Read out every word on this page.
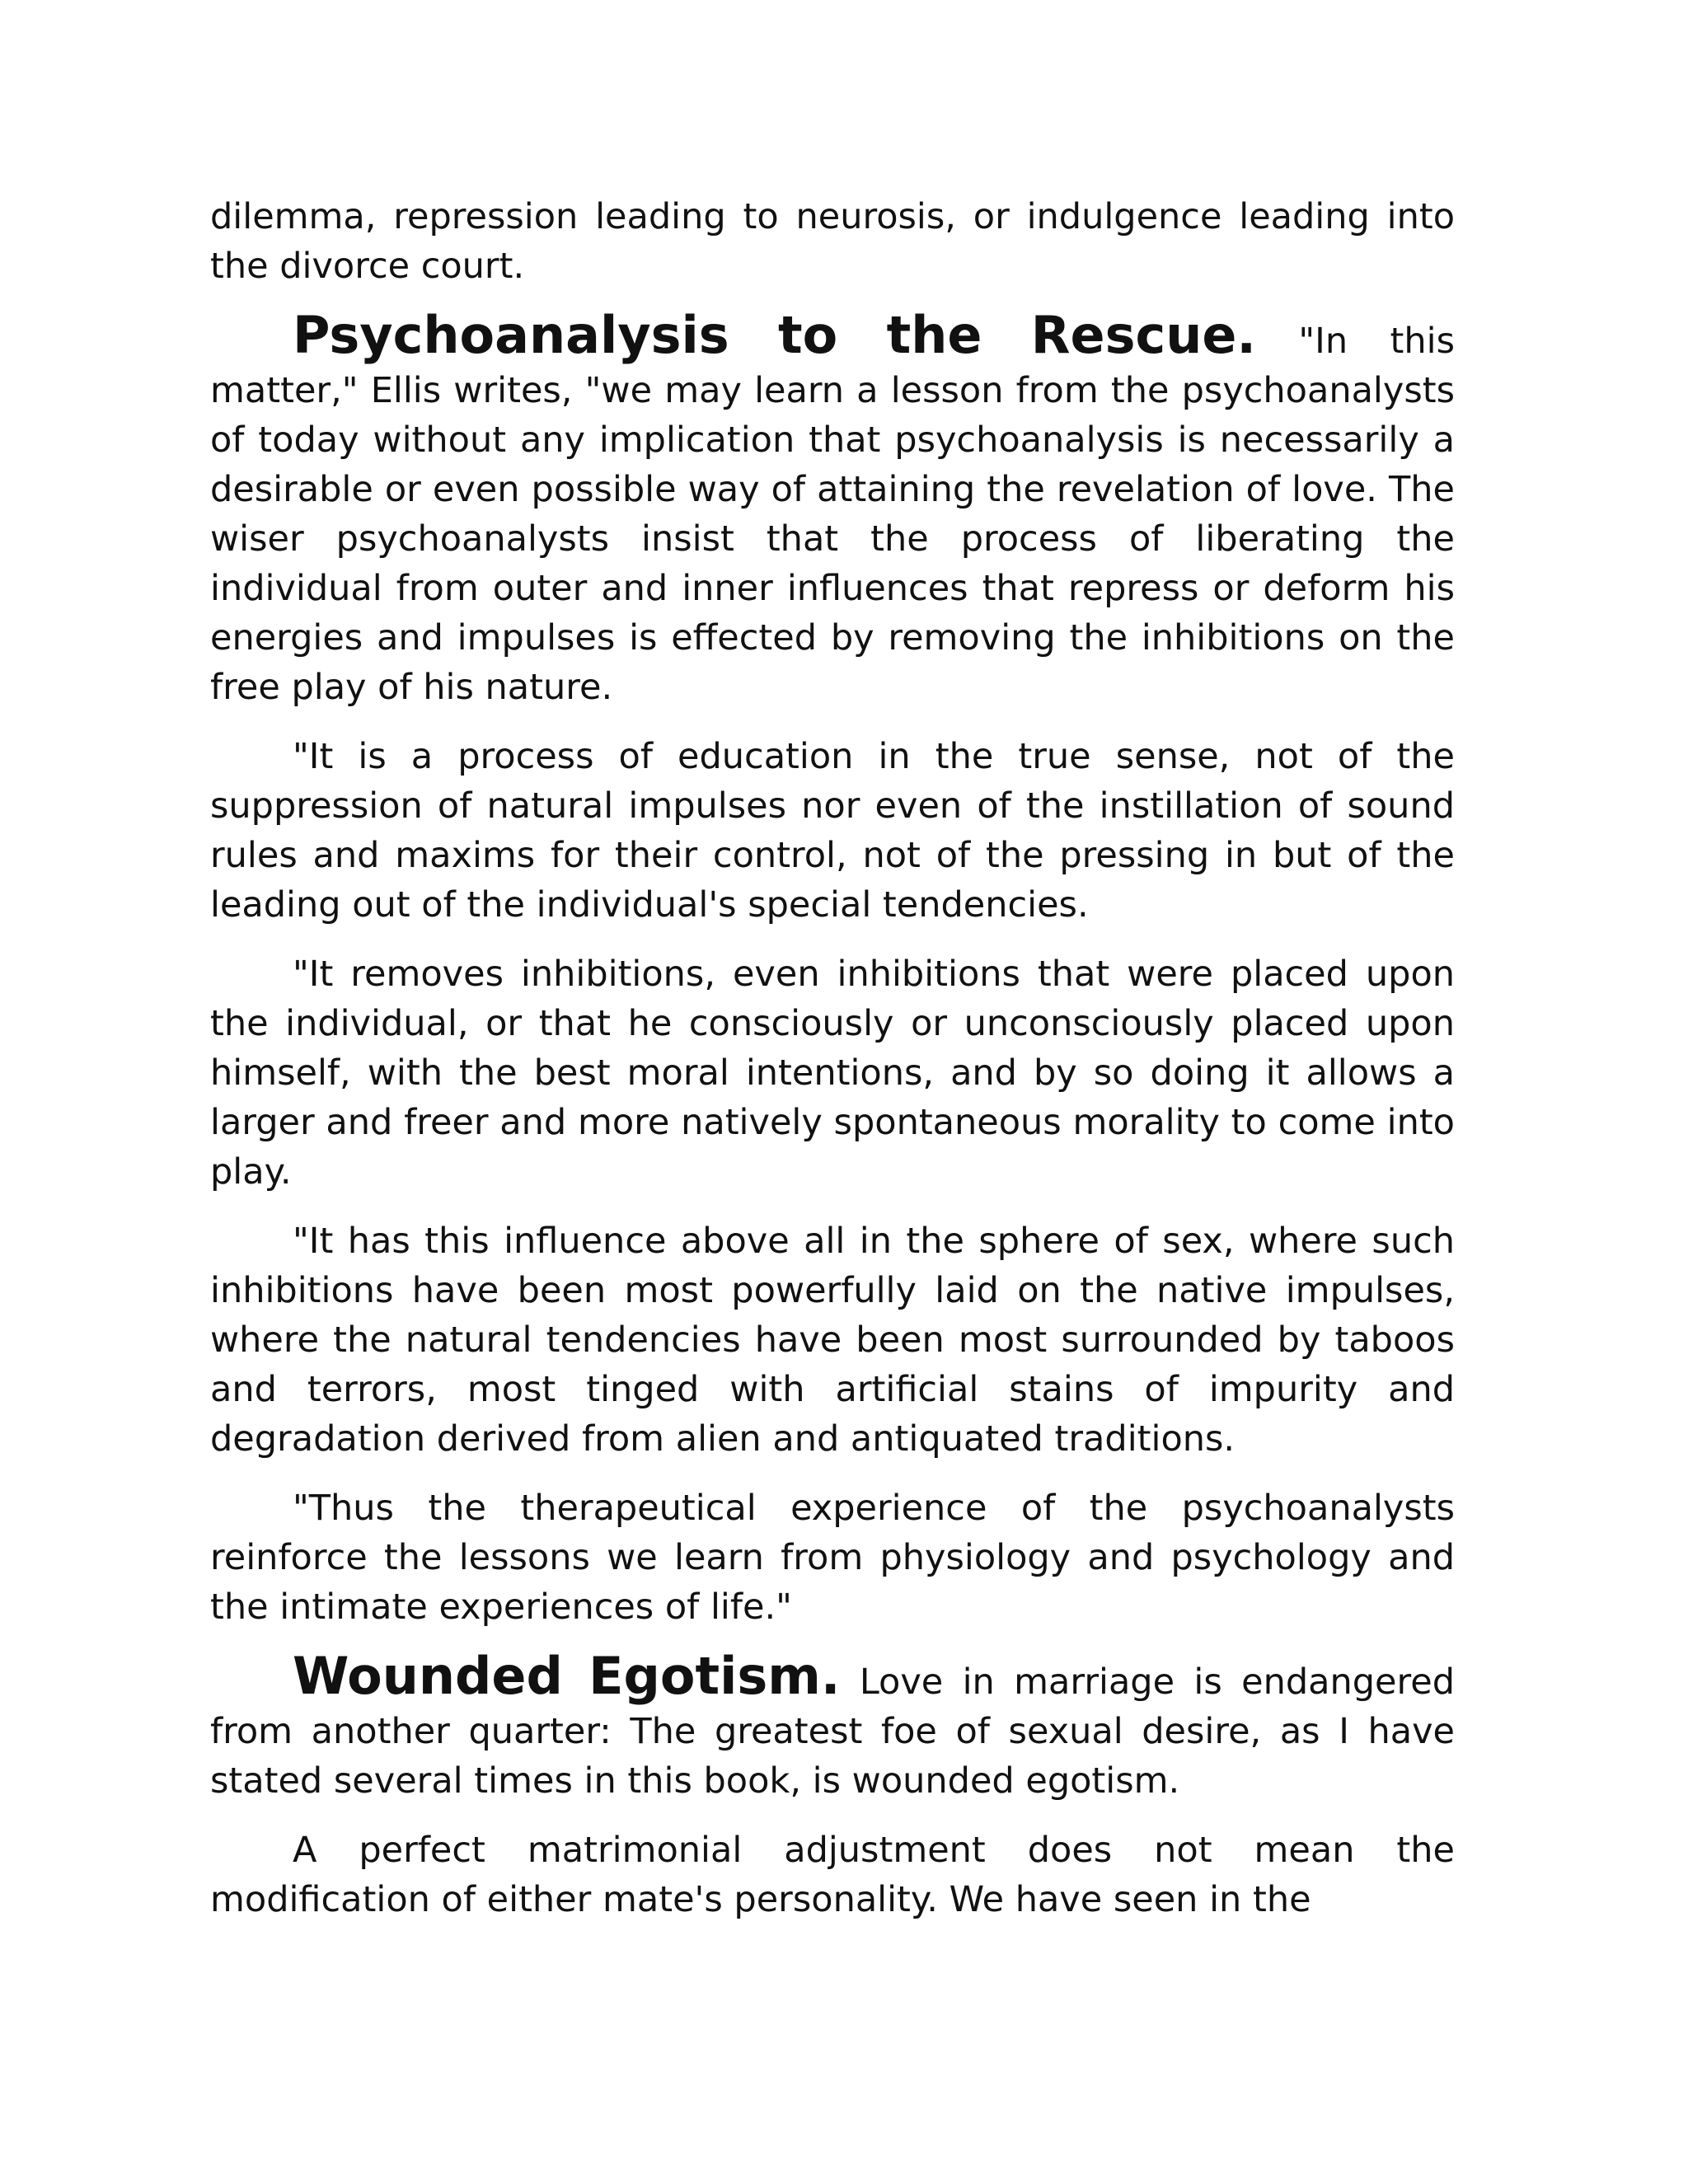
dilemma, repression leading to neurosis, or indulgence leading into the divorce court.

Psychoanalysis to the Rescue. "In this matter," Ellis writes, "we may learn a lesson from the psychoanalysts of today without any implication that psychoanalysis is necessarily a desirable or even possible way of attaining the revelation of love. The wiser psychoanalysts insist that the process of liberating the individual from outer and inner influences that repress or deform his energies and impulses is effected by removing the inhibitions on the free play of his nature.

"It is a process of education in the true sense, not of the suppression of natural impulses nor even of the instillation of sound rules and maxims for their control, not of the pressing in but of the leading out of the individual's special tendencies.

"It removes inhibitions, even inhibitions that were placed upon the individual, or that he consciously or unconsciously placed upon himself, with the best moral intentions, and by so doing it allows a larger and freer and more natively spontaneous morality to come into play.

"It has this influence above all in the sphere of sex, where such inhibitions have been most powerfully laid on the native impulses, where the natural tendencies have been most surrounded by taboos and terrors, most tinged with artificial stains of impurity and degradation derived from alien and antiquated traditions.

"Thus the therapeutical experience of the psychoanalysts reinforce the lessons we learn from physiology and psychology and the intimate experiences of life."

Wounded Egotism. Love in marriage is endangered from another quarter: The greatest foe of sexual desire, as I have stated several times in this book, is wounded egotism.

A perfect matrimonial adjustment does not mean the modification of either mate's personality. We have seen in the
